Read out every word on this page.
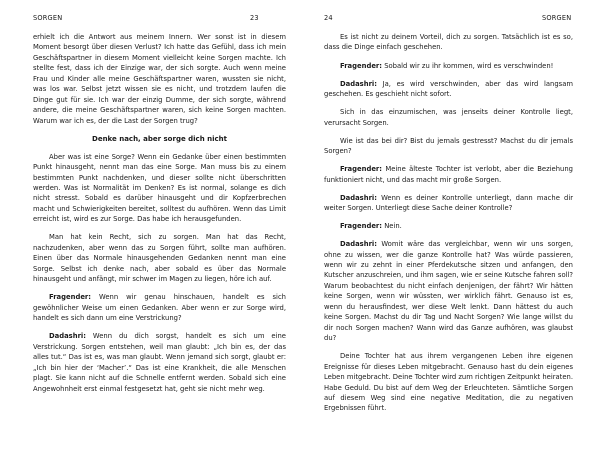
SORGEN	23

erhielt ich die Antwort aus meinem Innern. Wer sonst ist in diesem Moment besorgt über diesen Verlust? Ich hatte das Gefühl, dass ich mein Geschäftspartner in diesem Moment vielleicht keine Sorgen machte. Ich stellte fest, dass ich der Einzige war, der sich sorgte. Auch wenn meine Frau und Kinder alle meine Geschäftspartner waren, wussten sie nicht, was los war. Selbst jetzt wissen sie es nicht, und trotzdem laufen die Dinge gut für sie. Ich war der einzig Dumme, der sich sorgte, während andere, die meine Geschäftspartner waren, sich keine Sorgen machten. Warum war ich es, der die Last der Sorgen trug?

Denke nach, aber sorge dich nicht

Aber was ist eine Sorge? Wenn ein Gedanke über einen bestimmten Punkt hinausgeht, nennt man das eine Sorge. Man muss bis zu einem bestimmten Punkt nachdenken, und dieser sollte nicht überschritten werden. Was ist Normalität im Denken? Es ist normal, solange es dich nicht stresst. Sobald es darüber hinausgeht und dir Kopfzerbrechen macht und Schwierigkeiten bereitet, solltest du aufhören. Wenn das Limit erreicht ist, wird es zur Sorge. Das habe ich herausgefunden.

Man hat kein Recht, sich zu sorgen. Man hat das Recht, nachzudenken, aber wenn das zu Sorgen führt, sollte man aufhören. Einen über das Normale hinausgehenden Gedanken nennt man eine Sorge. Selbst ich denke nach, aber sobald es über das Normale hinausgeht und anfängt, mir schwer im Magen zu liegen, höre ich auf.

Fragender: Wenn wir genau hinschauen, handelt es sich gewöhnlicher Weise um einen Gedanken. Aber wenn er zur Sorge wird, handelt es sich dann um eine Verstrickung?

Dadashri: Wenn du dich sorgst, handelt es sich um eine Verstrickung. Sorgen entstehen, weil man glaubt: „Ich bin es, der das alles tut.“ Das ist es, was man glaubt. Wenn jemand sich sorgt, glaubt er: „Ich bin hier der ‘Macher’.“ Das ist eine Krankheit, die alle Menschen plagt. Sie kann nicht auf die Schnelle entfernt werden. Sobald sich eine Angewohnheit erst einmal festgesetzt hat, geht sie nicht mehr weg.

24	SORGEN

Es ist nicht zu deinem Vorteil, dich zu sorgen. Tatsächlich ist es so, dass die Dinge einfach geschehen.

Fragender: Sobald wir zu ihr kommen, wird es verschwinden!

Dadashri: Ja, es wird verschwinden, aber das wird langsam geschehen. Es geschieht nicht sofort.

Sich in das einzumischen, was jenseits deiner Kontrolle liegt, verursacht Sorgen.

Wie ist das bei dir? Bist du jemals gestresst? Machst du dir jemals Sorgen?

Fragender: Meine älteste Tochter ist verlobt, aber die Beziehung funktioniert nicht, und das macht mir große Sorgen.

Dadashri: Wenn es deiner Kontrolle unterliegt, dann mache dir weiter Sorgen. Unterliegt diese Sache deiner Kontrolle?

Fragender: Nein.

Dadashri: Womit wäre das vergleichbar, wenn wir uns sorgen, ohne zu wissen, wer die ganze Kontrolle hat? Was würde passieren, wenn wir zu zehnt in einer Pferdekutsche sitzen und anfangen, den Kutscher anzuschreien, und ihm sagen, wie er seine Kutsche fahren soll? Warum beobachtest du nicht einfach denjenigen, der fährt? Wir hätten keine Sorgen, wenn wir wüssten, wer wirklich fährt. Genauso ist es, wenn du herausfindest, wer diese Welt lenkt. Dann hättest du auch keine Sorgen. Machst du dir Tag und Nacht Sorgen? Wie lange willst du dir noch Sorgen machen? Wann wird das Ganze aufhören, was glaubst du?

Deine Tochter hat aus ihrem vergangenen Leben ihre eigenen Ereignisse für dieses Leben mitgebracht. Genauso hast du dein eigenes Leben mitgebracht. Deine Tochter wird zum richtigen Zeitpunkt heiraten. Habe Geduld. Du bist auf dem Weg der Erleuchteten. Sämtliche Sorgen auf diesem Weg sind eine negative Meditation, die zu negativen Ergebnissen führt.
